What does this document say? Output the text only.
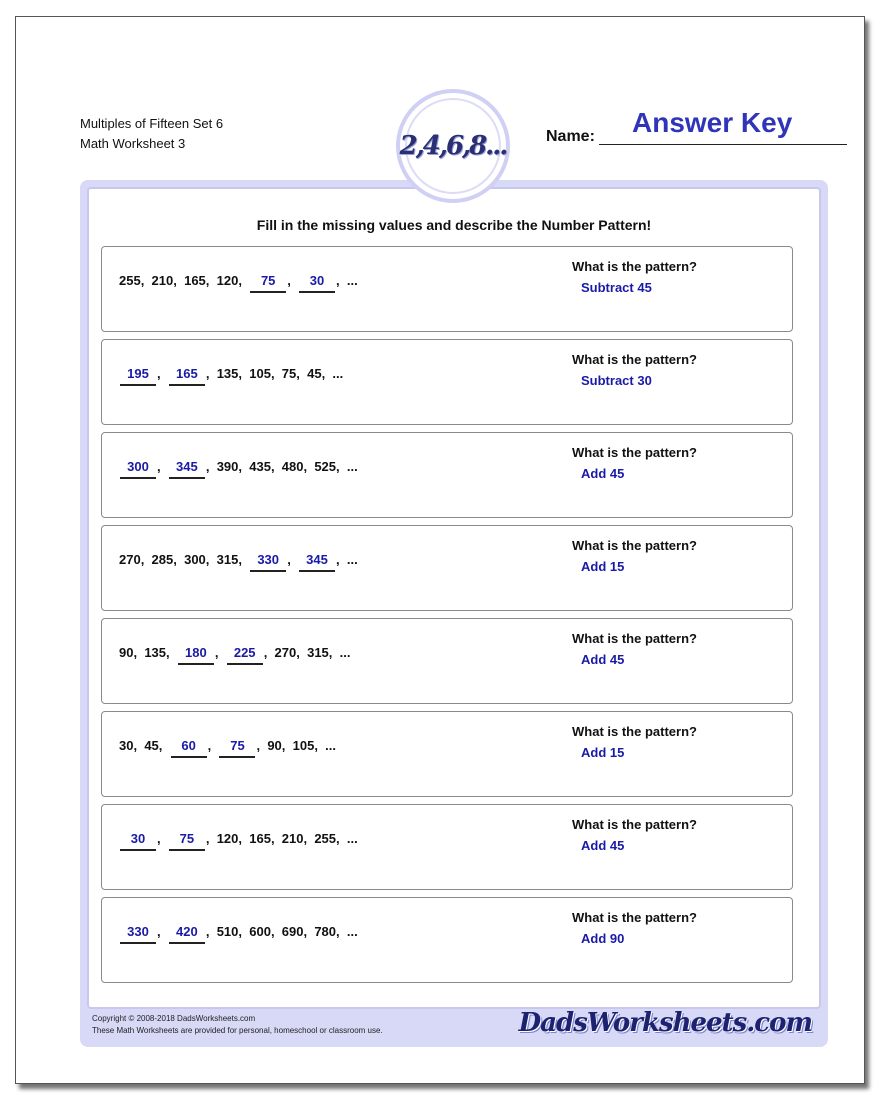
Multiples of Fifteen Set 6
Math Worksheet 3	2,4,6,8... Name: Answer Key
Fill in the missing values and describe the Number Pattern!
255 , 210 , 165 , 120 , 75 , 30 , ...
What is the pattern?
Subtract 45
195 , 165 , 135 , 105 , 75 , 45 , ...
What is the pattern?
Subtract 30
300 , 345 , 390 , 435 , 480 , 525 , ...
What is the pattern?
Add 45
270 , 285 , 300 , 315 , 330 , 345 , ...
What is the pattern?
Add 15
90 , 135 , 180 , 225 , 270 , 315 , ...
What is the pattern?
Add 45
30 , 45 , 60 , 75 , 90 , 105 , ...
What is the pattern?
Add 15
30 , 75 , 120 , 165 , 210 , 255 , ...
What is the pattern?
Add 45
330 , 420 , 510 , 600 , 690 , 780 , ...
What is the pattern?
Add 90
Copyright © 2008-2018 DadsWorksheets.com
These Math Worksheets are provided for personal, homeschool or classroom use.	DadsWorksheets.com
